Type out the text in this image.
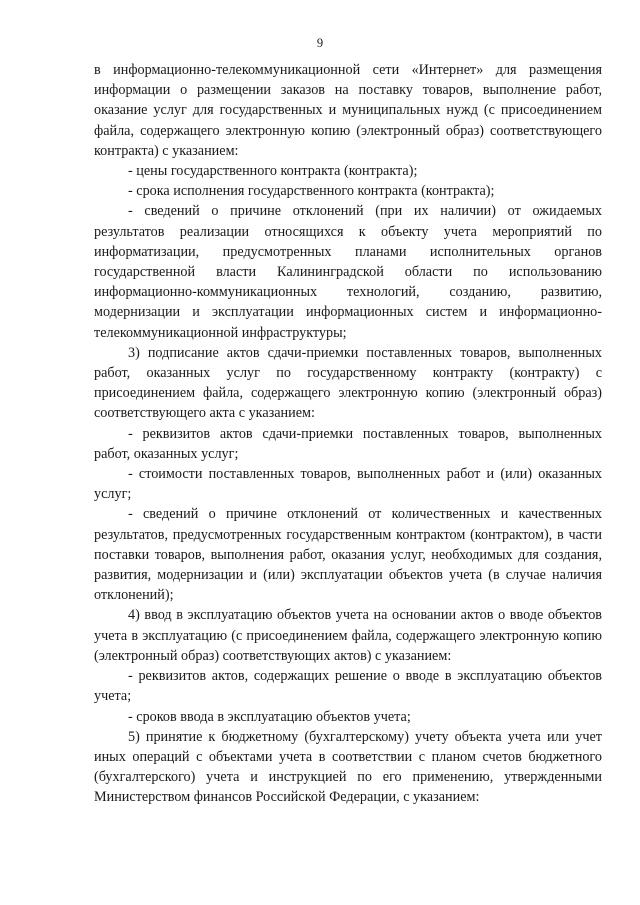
9

в информационно-телекоммуникационной сети «Интернет» для размещения информации о размещении заказов на поставку товаров, выполнение работ, оказание услуг для государственных и муниципальных нужд (с присоединением файла, содержащего электронную копию (электронный образ) соответствующего контракта) с указанием:

- цены государственного контракта (контракта);

- срока исполнения государственного контракта (контракта);

- сведений о причине отклонений (при их наличии) от ожидаемых результатов реализации относящихся к объекту учета мероприятий по информатизации, предусмотренных планами исполнительных органов государственной власти Калининградской области по использованию информационно-коммуникационных технологий, созданию, развитию, модернизации и эксплуатации информационных систем и информационно-телекоммуникационной инфраструктуры;

3) подписание актов сдачи-приемки поставленных товаров, выполненных работ, оказанных услуг по государственному контракту (контракту) с присоединением файла, содержащего электронную копию (электронный образ) соответствующего акта с указанием:

- реквизитов актов сдачи-приемки поставленных товаров, выполненных работ, оказанных услуг;

- стоимости поставленных товаров, выполненных работ и (или) оказанных услуг;

- сведений о причине отклонений от количественных и качественных результатов, предусмотренных государственным контрактом (контрактом), в части поставки товаров, выполнения работ, оказания услуг, необходимых для создания, развития, модернизации и (или) эксплуатации объектов учета (в случае наличия отклонений);

4) ввод в эксплуатацию объектов учета на основании актов о вводе объектов учета в эксплуатацию (с присоединением файла, содержащего электронную копию (электронный образ) соответствующих актов) с указанием:

- реквизитов актов, содержащих решение о вводе в эксплуатацию объектов учета;

- сроков ввода в эксплуатацию объектов учета;

5) принятие к бюджетному (бухгалтерскому) учету объекта учета или учет иных операций с объектами учета в соответствии с планом счетов бюджетного (бухгалтерского) учета и инструкцией по его применению, утвержденными Министерством финансов Российской Федерации, с указанием:
